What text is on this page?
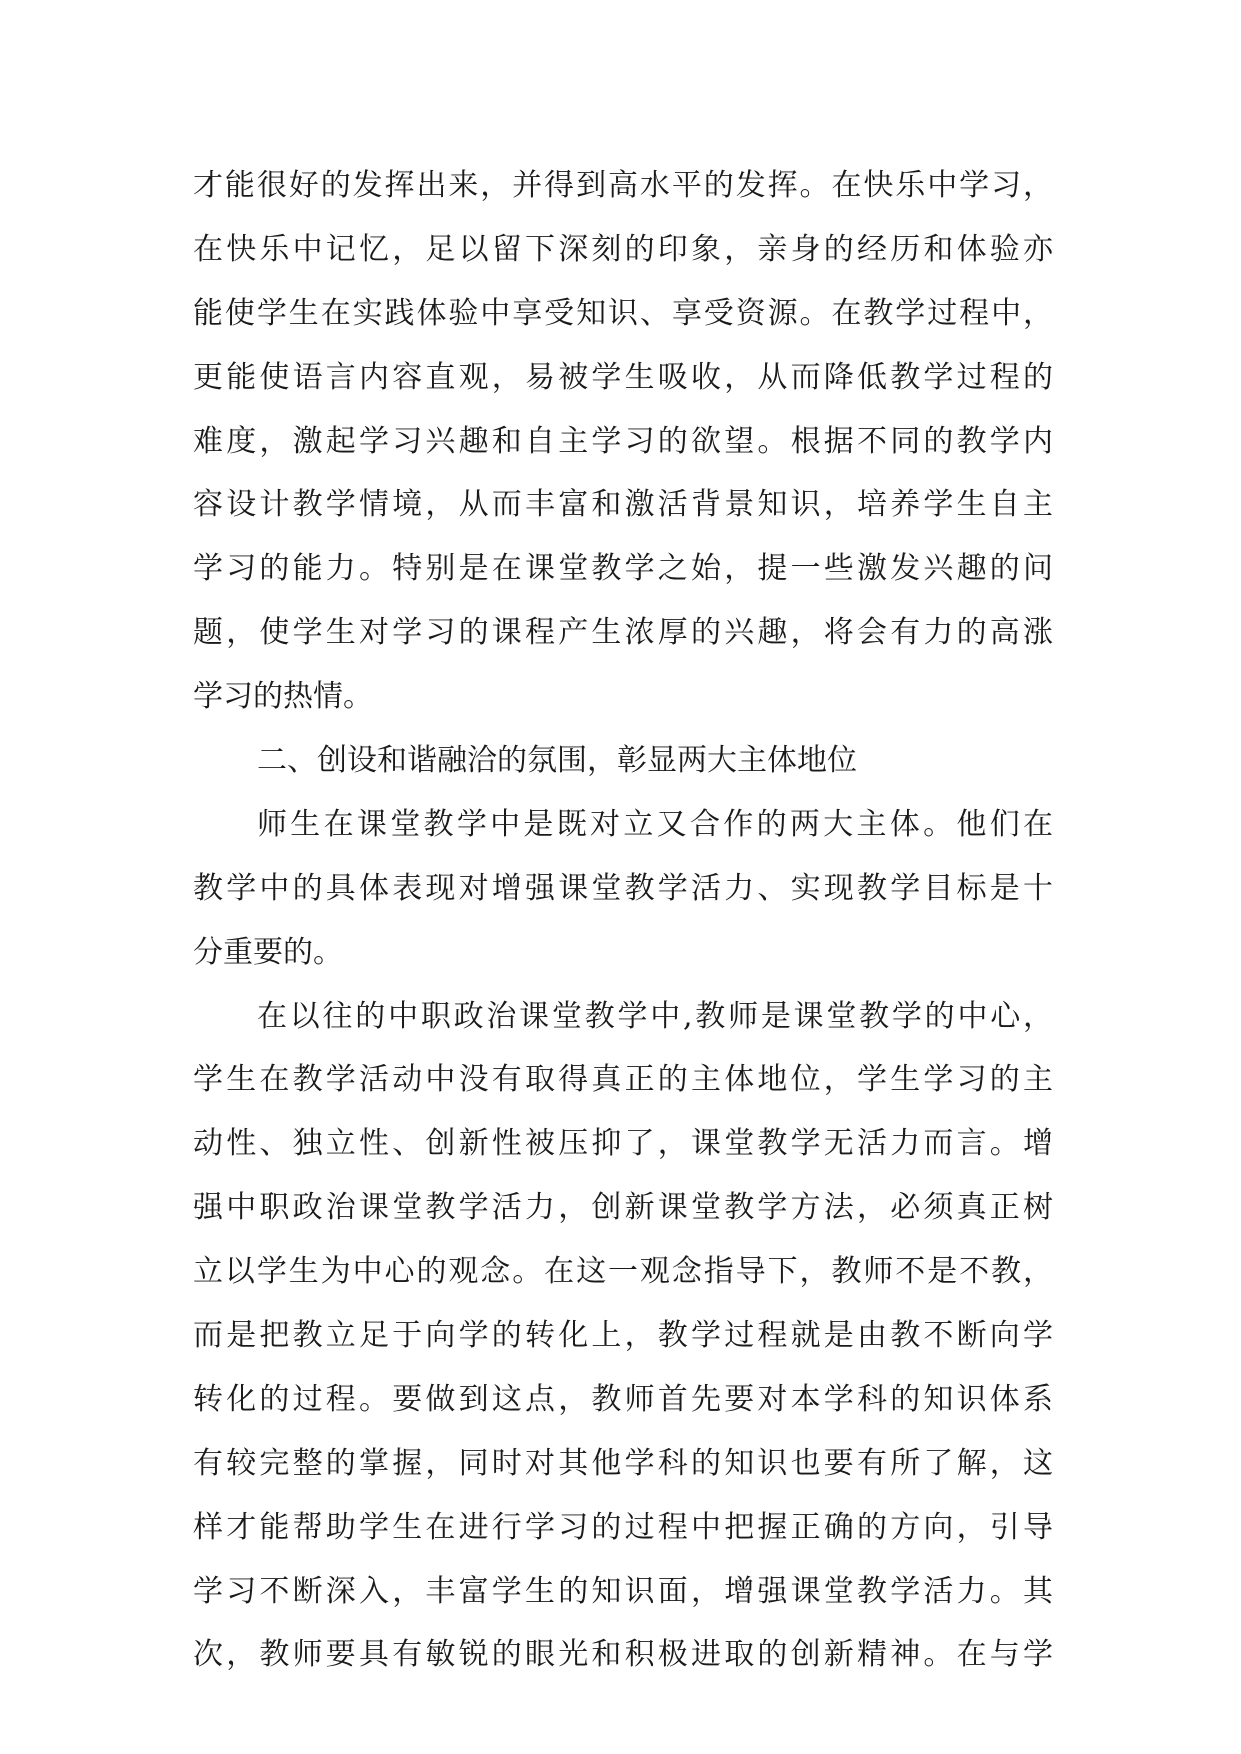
才能很好的发挥出来，并得到高水平的发挥。在快乐中学习，
在快乐中记忆，足以留下深刻的印象，亲身的经历和体验亦
能使学生在实践体验中享受知识、享受资源。在教学过程中，
更能使语言内容直观，易被学生吸收，从而降低教学过程的
难度，激起学习兴趣和自主学习的欲望。根据不同的教学内
容设计教学情境，从而丰富和激活背景知识，培养学生自主
学习的能力。特别是在课堂教学之始，提一些激发兴趣的问
题，使学生对学习的课程产生浓厚的兴趣，将会有力的高涨
学习的热情。
二、创设和谐融洽的氛围，彰显两大主体地位
师生在课堂教学中是既对立又合作的两大主体。他们在
教学中的具体表现对增强课堂教学活力、实现教学目标是十
分重要的。
在以往的中职政治课堂教学中,教师是课堂教学的中心，
学生在教学活动中没有取得真正的主体地位，学生学习的主
动性、独立性、创新性被压抑了，课堂教学无活力而言。增
强中职政治课堂教学活力，创新课堂教学方法，必须真正树
立以学生为中心的观念。在这一观念指导下，教师不是不教，
而是把教立足于向学的转化上，教学过程就是由教不断向学
转化的过程。要做到这点，教师首先要对本学科的知识体系
有较完整的掌握，同时对其他学科的知识也要有所了解，这
样才能帮助学生在进行学习的过程中把握正确的方向，引导
学习不断深入，丰富学生的知识面，增强课堂教学活力。其
次，教师要具有敏锐的眼光和积极进取的创新精神。在与学
